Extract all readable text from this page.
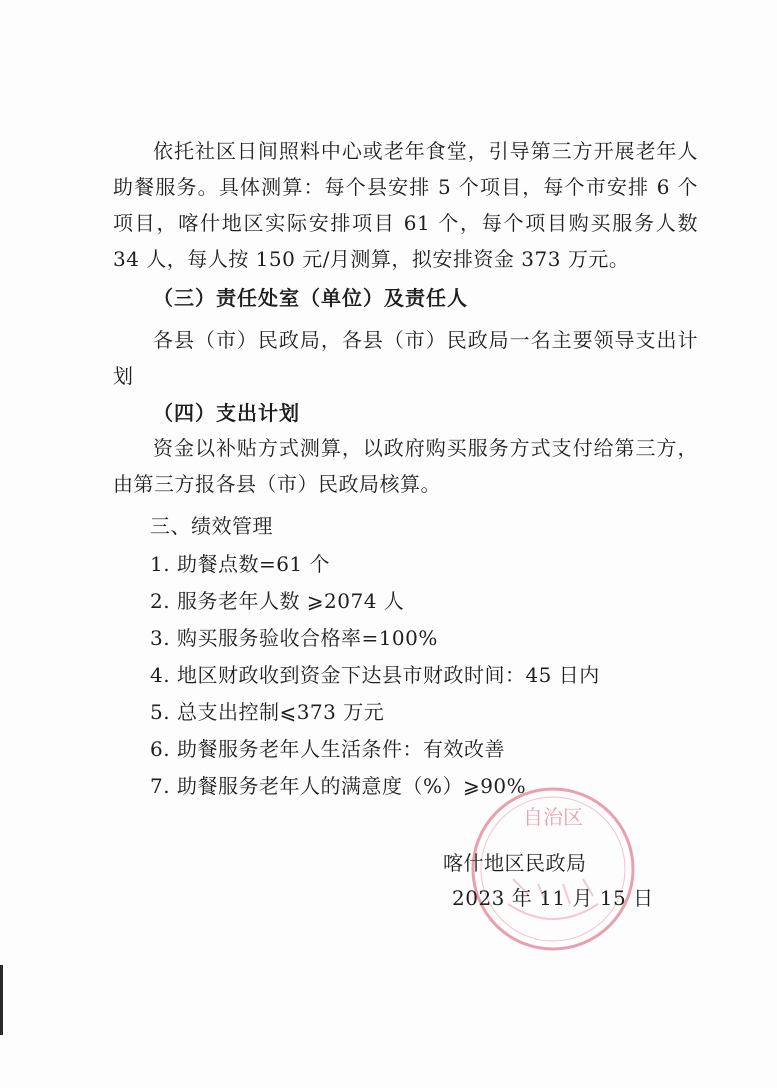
依托社区日间照料中心或老年食堂，引导第三方开展老年人助餐服务。具体测算：每个县安排 5 个项目，每个市安排 6 个项目，喀什地区实际安排项目 61 个，每个项目购买服务人数 34 人，每人按 150 元/月测算，拟安排资金 373 万元。

（三）责任处室（单位）及责任人

各县（市）民政局，各县（市）民政局一名主要领导支出计划

（四）支出计划

资金以补贴方式测算，以政府购买服务方式支付给第三方，由第三方报各县（市）民政局核算。

三、绩效管理

1. 助餐点数=61 个

2. 服务老年人数 ⩾2074 人

3. 购买服务验收合格率=100%

4. 地区财政收到资金下达县市财政时间：45 日内

5. 总支出控制⩽373 万元

6. 助餐服务老年人生活条件：有效改善

7. 助餐服务老年人的满意度（%）⩾90%

自治区

喀什地区民政局

2023 年 11 月 15 日
